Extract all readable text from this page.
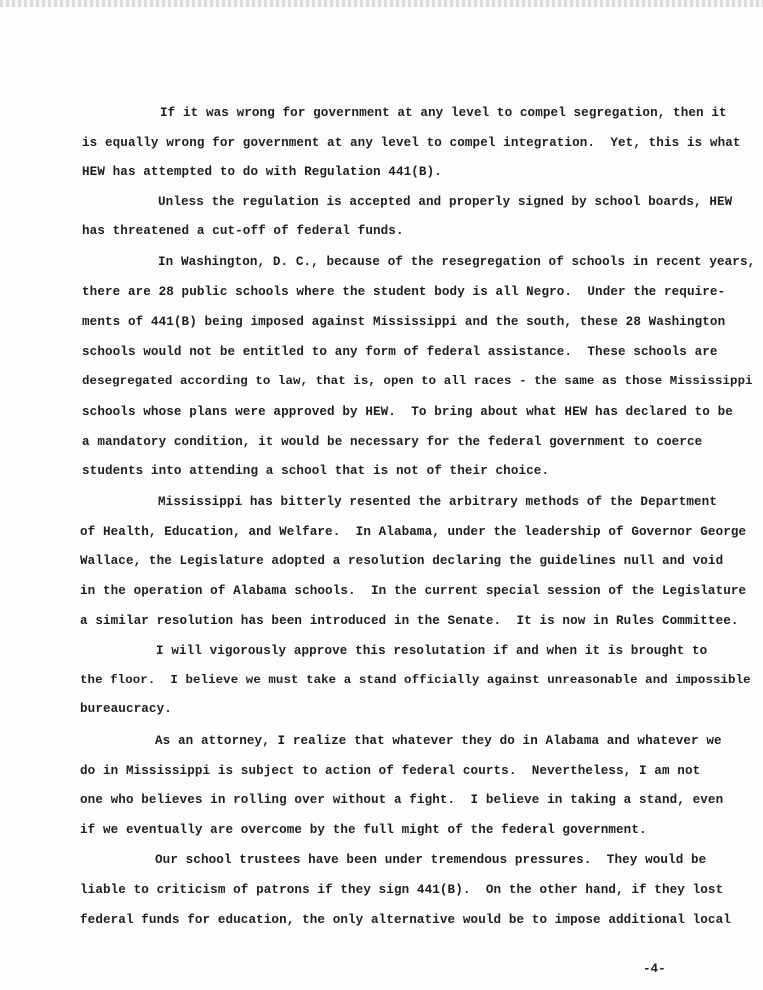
If it was wrong for government at any level to compel segregation, then it
is equally wrong for government at any level to compel integration.  Yet, this is what
HEW has attempted to do with Regulation 441(B).
Unless the regulation is accepted and properly signed by school boards, HEW
has threatened a cut-off of federal funds.
In Washington, D. C., because of the resegregation of schools in recent years,
there are 28 public schools where the student body is all Negro.  Under the require-
ments of 441(B) being imposed against Mississippi and the south, these 28 Washington
schools would not be entitled to any form of federal assistance.  These schools are
desegregated according to law, that is, open to all races - the same as those Mississippi
schools whose plans were approved by HEW.  To bring about what HEW has declared to be
a mandatory condition, it would be necessary for the federal government to coerce
students into attending a school that is not of their choice.
Mississippi has bitterly resented the arbitrary methods of the Department
of Health, Education, and Welfare.  In Alabama, under the leadership of Governor George
Wallace, the Legislature adopted a resolution declaring the guidelines null and void
in the operation of Alabama schools.  In the current special session of the Legislature
a similar resolution has been introduced in the Senate.  It is now in Rules Committee.
I will vigorously approve this resolutation if and when it is brought to
the floor.  I believe we must take a stand officially against unreasonable and impossible
bureaucracy.
As an attorney, I realize that whatever they do in Alabama and whatever we
do in Mississippi is subject to action of federal courts.  Nevertheless, I am not
one who believes in rolling over without a fight.  I believe in taking a stand, even
if we eventually are overcome by the full might of the federal government.
Our school trustees have been under tremendous pressures.  They would be
liable to criticism of patrons if they sign 441(B).  On the other hand, if they lost
federal funds for education, the only alternative would be to impose additional local
-4-
